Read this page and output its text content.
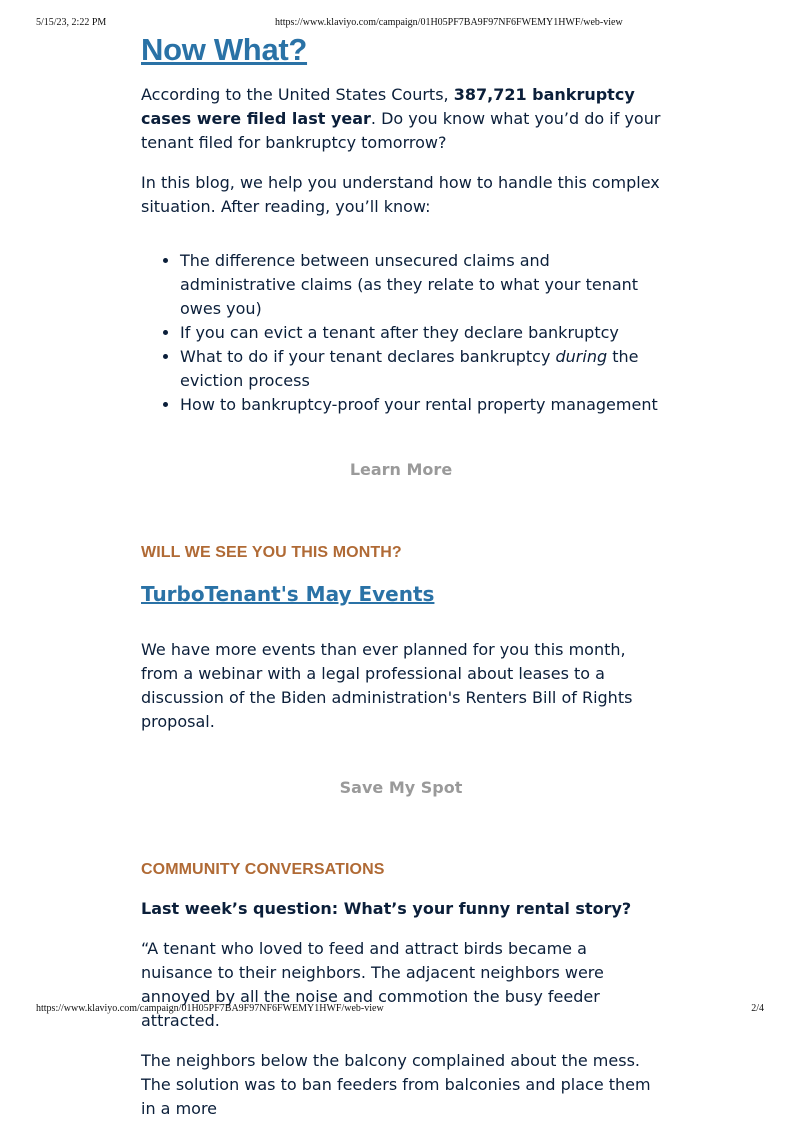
5/15/23, 2:22 PM	https://www.klaviyo.com/campaign/01H05PF7BA9F97NF6FWEMY1HWF/web-view
Now What?

According to the United States Courts, 387,721 bankruptcy cases were filed last year. Do you know what you’d do if your tenant filed for bankruptcy tomorrow?

In this blog, we help you understand how to handle this complex situation. After reading, you’ll know:

• The difference between unsecured claims and administrative claims (as they relate to what your tenant owes you)
• If you can evict a tenant after they declare bankruptcy
• What to do if your tenant declares bankruptcy during the eviction process
• How to bankruptcy-proof your rental property management
Learn More

WILL WE SEE YOU THIS MONTH?

TurboTenant's May Events

We have more events than ever planned for you this month, from a webinar with a legal professional about leases to a discussion of the Biden administration's Renters Bill of Rights proposal.

Save My Spot

COMMUNITY CONVERSATIONS

Last week’s question: What’s your funny rental story?

“A tenant who loved to feed and attract birds became a nuisance to their neighbors. The adjacent neighbors were annoyed by all the noise and commotion the busy feeder attracted.

The neighbors below the balcony complained about the mess. The solution was to ban feeders from balconies and place them in a more

https://www.klaviyo.com/campaign/01H05PF7BA9F97NF6FWEMY1HWF/web-view	2/4
